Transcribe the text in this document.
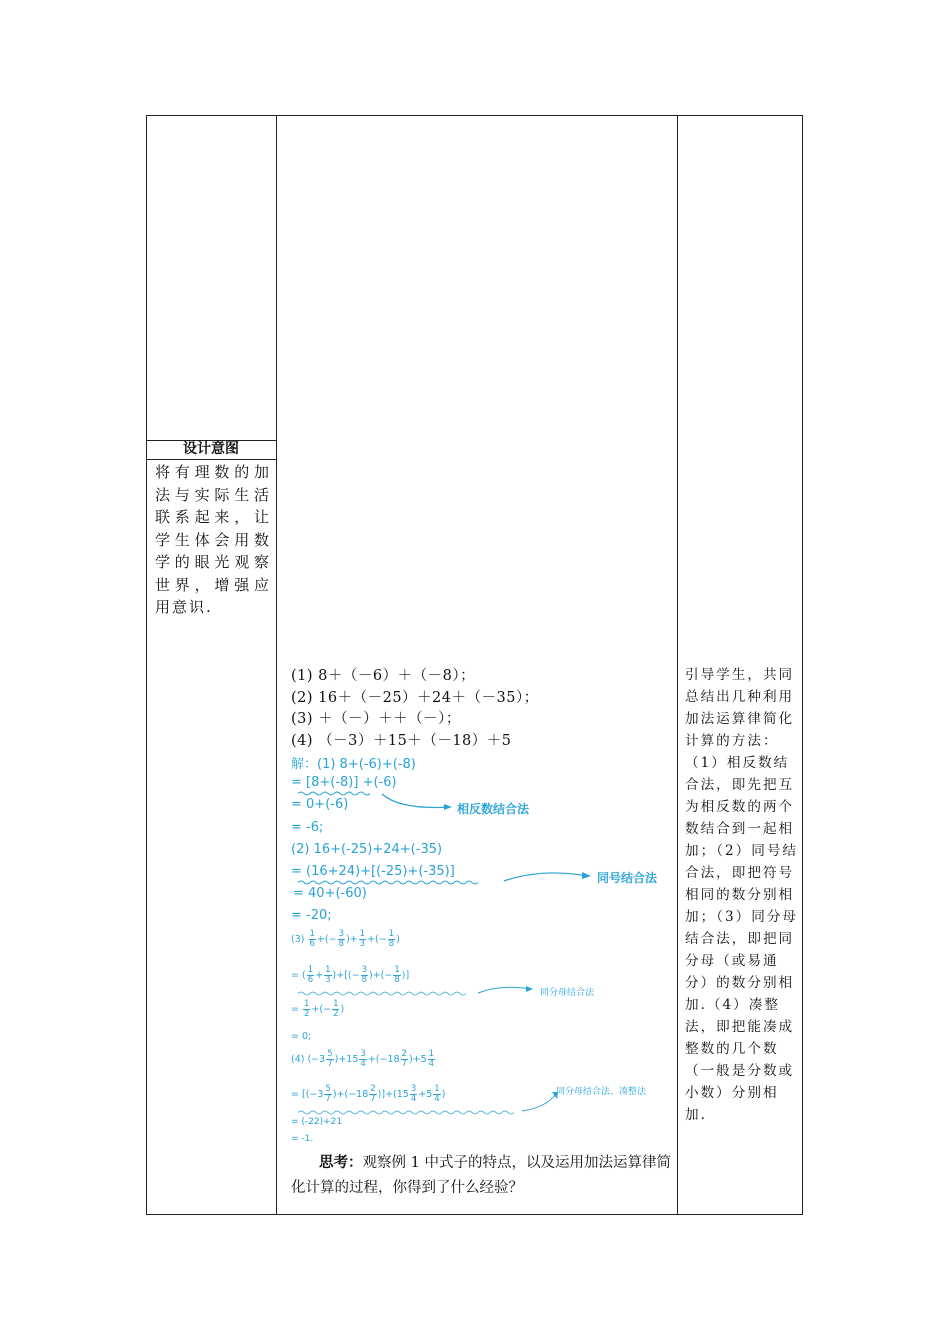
设计意图
将有理数的加法与实际生活联系起来，让学生体会用数学的眼光观察世界，增强应用意识.
引导学生，共同总结出几种利用加法运算律简化计算的方法：（1）相反数结合法，即先把互为相反数的两个数结合到一起相加；（2）同号结合法，即把符号相同的数分别相加；（3）同分母结合法，即把同分母（或易通分）的数分别相加.（4）凑整法，即把能凑成整数的几个数（一般是分数或小数）分别相加.
(1) 8＋（－6）＋（－8）；
(2) 16＋（－25）＋24＋（－35）；
(3) ＋（－）＋＋（－）；
(4) （－3）＋15＋（－18）＋5
解：(1) 8+(-6)+(-8)
= [8+(-8)] +(-6)
= 0+(-6)	相反数结合法
= -6;
(2) 16+(-25)+24+(-35)
= (16+24)+[(-25)+(-35)]	同号结合法
= 40+(-60)
= -20;
(3)
$\frac{1}{6}$ +(− $\frac{3}{8}$ )+ $\frac{1}{3}$ +(− $\frac{1}{8}$ )
= ( $\frac{1}{6} + \frac{1}{3}$ )+[(− $\frac{3}{8}$ )+(− $\frac{1}{8}$ )]
同分母结合法
=
$\frac{1}{2}$ +(− $\frac{1}{2}$ )
= 0;
(4) $(-3 \frac{5}{7} )+15 \frac{3}{4} +(-18 \frac{2}{7} )+5 \frac{1}{4}$
= $[(-3 \frac{5}{7} )+(-18 \frac{2}{7} )]+(15 \frac{3}{4} +5 \frac{1}{4}$ )	同分母结合法、凑整法
= (-22)+21
= -1.
思考：观察例 1 中式子的特点，以及运用加法运算律简化计算的过程，你得到了什么经验？
